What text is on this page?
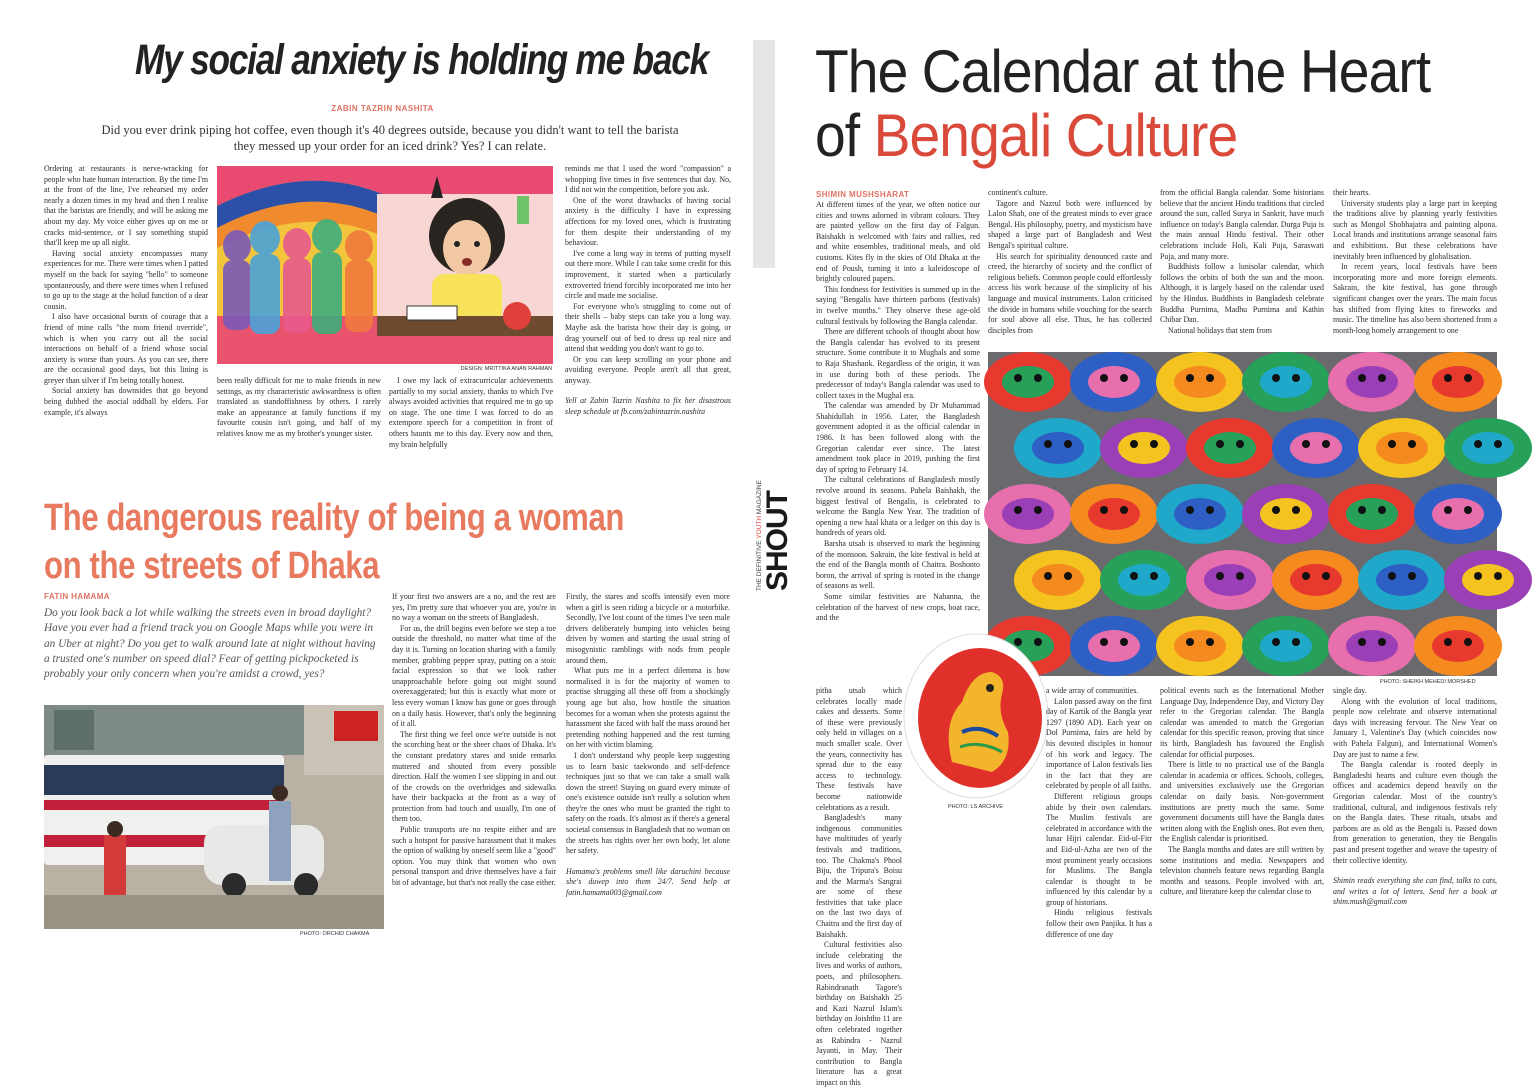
My social anxiety is holding me back
ZABIN TAZRIN NASHITA
Did you ever drink piping hot coffee, even though it's 40 degrees outside, because you didn't want to tell the barista they messed up your order for an iced drink? Yes? I can relate.

Ordering at restaurants is nerve-wracking for people who hate human interaction. By the time I'm at the front of the line, I've rehearsed my order nearly a dozen times in my head and then I realise that the baristas are friendly, and will be asking me about my day. My voice either gives up on me or cracks mid-sentence, or I say something stupid that'll keep me up all night.

Having social anxiety encompasses many experiences for me. There were times when I patted myself on the back for saying "hello" to someone spontaneously, and there were times when I refused to go up to the stage at the holud function of a dear cousin.

I also have occasional bursts of courage that a friend of mine calls "the mom friend override", which is when you carry out all the social interactions on behalf of a friend whose social anxiety is worse than yours. As you can see, there are the occasional good days, but this lining is greyer than silver if I'm being totally honest.

Social anxiety has downsides that go beyond being dubbed the asocial oddball by elders. For example, it's always

DESIGN: MRITTIKA ANAN RAHMAN

been really difficult for me to make friends in new settings, as my characteristic awkwardness is often translated as standoffishness by others. I rarely make an appearance at family functions if my favourite cousin isn't going, and half of my relatives know me as my brother's younger sister.

I owe my lack of extracurricular achievements partially to my social anxiety, thanks to which I've always avoided activities that required me to go up on stage. The one time I was forced to do an extempore speech for a competition in front of others haunts me to this day. Every now and then, my brain helpfully

reminds me that I used the word "compassion" a whopping five times in five sentences that day. No, I did not win the competition, before you ask.

One of the worst drawbacks of having social anxiety is the difficulty I have in expressing affections for my loved ones, which is frustrating for them despite their understanding of my behaviour.

I've come a long way in terms of putting myself out there more. While I can take some credit for this improvement, it started when a particularly extroverted friend forcibly incorporated me into her circle and made me socialise.

For everyone who's struggling to come out of their shells – baby steps can take you a long way. Maybe ask the barista how their day is going, or drag yourself out of bed to dress up real nice and attend that wedding you don't want to go to.

Or you can keep scrolling on your phone and avoiding everyone. People aren't all that great, anyway.

Yell at Zabin Tazrin Nashita to fix her disastrous sleep schedule at fb.com/zabintazrin.nashita

The dangerous reality of being a woman on the streets of Dhaka
FATIN HAMAMA
Do you look back a lot while walking the streets even in broad daylight? Have you ever had a friend track you on Google Maps while you were in an Uber at night? Do you get to walk around late at night without having a trusted one's number on speed dial? Fear of getting pickpocketed is probably your only concern when you're amidst a crowd, yes?
PHOTO: ORCHID CHAKMA

If your first two answers are a no, and the rest are yes, I'm pretty sure that whoever you are, you're in no way a woman on the streets of Bangladesh.

For us, the drill begins even before we step a toe outside the threshold, no matter what time of the day it is. Turning on location sharing with a family member, grabbing pepper spray, putting on a stoic facial expression so that we look rather unapproachable before going out might sound overexaggerated; but this is exactly what more or less every woman I know has gone or goes through on a daily basis. However, that's only the beginning of it all.

The first thing we feel once we're outside is not the scorching heat or the sheer chaos of Dhaka. It's the constant predatory stares and snide remarks muttered and shouted from every possible direction. Half the women I see slipping in and out of the crowds on the overbridges and sidewalks have their backpacks at the front as a way of protection from bad touch and usually, I'm one of them too.

Public transports are no respite either and are such a hotspot for passive harassment that it makes the option of walking by oneself seem like a "good" option. You may think that women who own personal transport and drive themselves have a fair bit of advantage, but that's not really the case either.

Firstly, the stares and scoffs intensify even more when a girl is seen riding a bicycle or a motorbike. Secondly, I've lost count of the times I've seen male drivers deliberately bumping into vehicles being driven by women and starting the usual string of misogynistic ramblings with nods from people around them.

What puts me in a perfect dilemma is how normalised it is for the majority of women to practise shrugging all these off from a shockingly young age but also, how hostile the situation becomes for a woman when she protests against the harassment she faced with half the mass around her pretending nothing happened and the rest turning on her with victim blaming.

I don't understand why people keep suggesting us to learn basic taekwondo and self-defence techniques just so that we can take a small walk down the street! Staying on guard every minute of one's existence outside isn't really a solution when they're the ones who must be granted the right to safety on the roads. It's almost as if there's a general societal consensus in Bangladesh that no woman on the streets has rights over her own body, let alone her safety.

Hamama's problems smell like daruchini because she's duwep into them 24/7. Send help at fatin.hamama003@gmail.com

THE DEFINITIVE YOUTH MAGAZINE
SHOUT
The Calendar at the Heart
of Bengali Culture
SHIMIN MUSHSHARAT

At different times of the year, we often notice our cities and towns adorned in vibrant colours. They are painted yellow on the first day of Falgun. Baishakh is welcomed with fairs and rallies, red and white ensembles, traditional meals, and old customs. Kites fly in the skies of Old Dhaka at the end of Poush, turning it into a kaleidoscope of brightly coloured papers.

This fondness for festivities is summed up in the saying "Bengalis have thirteen parbons (festivals) in twelve months." They observe these age-old cultural festivals by following the Bangla calendar.

There are different schools of thought about how the Bangla calendar has evolved to its present structure. Some contribute it to Mughals and some to Raja Shashank. Regardless of the origin, it was in use during both of these periods. The predecessor of today's Bangla calendar was used to collect taxes in the Mughal era.

The calendar was amended by Dr Muhammad Shahidullah in 1956. Later, the Bangladesh government adopted it as the official calendar in 1986. It has been followed along with the Gregorian calendar ever since. The latest amendment took place in 2019, pushing the first day of spring to February 14.

The cultural celebrations of Bangladesh mostly revolve around its seasons. Pahela Baishakh, the biggest festival of Bengalis, is celebrated to welcome the Bangla New Year. The tradition of opening a new haal khata or a ledger on this day is hundreds of years old.

Barsha utsab is observed to mark the beginning of the monsoon. Sakrain, the kite festival is held at the end of the Bangla month of Chaitra. Boshonto boron, the arrival of spring is rooted in the change of seasons as well.

Some similar festivities are Nabanna, the celebration of the harvest of new crops, boat race, and the

pitha utsab which celebrates locally made cakes and desserts. Some of these were previously only held in villages on a much smaller scale. Over the years, connectivity has spread due to the easy access to technology. These festivals have become nationwide celebrations as a result.

Bangladesh's many indigenous communities have multitudes of yearly festivals and traditions, too. The Chakma's Phool Biju, the Tripura's Boisu and the Marma's Sangrai are some of these festivities that take place on the last two days of Chaitra and the first day of Baishakh.

Cultural festivities also include celebrating the lives and works of authors, poets, and philosophers. Rabindranath Tagore's birthday on Baishakh 25 and Kazi Nazrul Islam's birthday on Joishtho 11 are often celebrated together as Rabindra - Nazrul Jayanti, in May. Their contribution to Bangla literature has a great impact on this

continent's culture.

Tagore and Nazrul both were influenced by Lalon Shah, one of the greatest minds to ever grace Bengal. His philosophy, poetry, and mysticism have shaped a large part of Bangladesh and West Bengal's spiritual culture.

His search for spirituality denounced caste and creed, the hierarchy of society and the conflict of religious beliefs. Common people could effortlessly access his work because of the simplicity of his language and musical instruments. Lalon criticised the divide in humans while vouching for the search for soul above all else. Thus, he has collected disciples from

from the official Bangla calendar. Some historians believe that the ancient Hindu traditions that circled around the sun, called Surya in Sankrit, have much influence on today's Bangla calendar. Durga Puja is the main annual Hindu festival. Their other celebrations include Holi, Kali Puja, Saraswati Puja, and many more.

Buddhists follow a lunisolar calendar, which follows the orbits of both the sun and the moon. Although, it is largely based on the calendar used by the Hindus. Buddhists in Bangladesh celebrate Buddha Purnima, Madhu Purnima and Kathin Chibar Dan.

National holidays that stem from

their hearts.

University students play a large part in keeping the traditions alive by planning yearly festivities such as Mongol Shobhajatra and painting alpona. Local brands and institutions arrange seasonal fairs and exhibitions. But these celebrations have inevitably been influenced by globalisation.

In recent years, local festivals have been incorporating more and more foreign elements. Sakrain, the kite festival, has gone through significant changes over the years. The main focus has shifted from flying kites to fireworks and music. The timeline has also been shortened from a month-long homely arrangement to one

PHOTO: SHEIKH MEHEDI MORSHED
PHOTO: LS ARCHIVE

a wide array of communities.

Lalon passed away on the first day of Kartik of the Bangla year 1297 (1890 AD). Each year on Dol Purnima, fairs are held by his devoted disciples in honour of his work and legacy. The importance of Lalon festivals lies in the fact that they are celebrated by people of all faiths.

Different religious groups abide by their own calendars. The Muslim festivals are celebrated in accordance with the lunar Hijri calendar. Eid-ul-Fitr and Eid-ul-Azha are two of the most prominent yearly occasions for Muslims. The Bangla calendar is thought to be influenced by this calendar by a group of historians.

Hindu religious festivals follow their own Panjika. It has a difference of one day

political events such as the International Mother Language Day, Independence Day, and Victory Day refer to the Gregorian calendar. The Bangla calendar was amended to match the Gregorian calendar for this specific reason, proving that since its birth, Bangladesh has favoured the English calendar for official purposes.

There is little to no practical use of the Bangla calendar in academia or offices. Schools, colleges, and universities exclusively use the Gregorian calendar on daily basis. Non-government institutions are pretty much the same. Some government documents still have the Bangla dates written along with the English ones. But even then, the English calendar is prioritised.

The Bangla months and dates are still written by some institutions and media. Newspapers and television channels feature news regarding Bangla months and seasons. People involved with art, culture, and literature keep the calendar close to

single day.

Along with the evolution of local traditions, people now celebrate and observe international days with increasing fervour. The New Year on January 1, Valentine's Day (which coincides now with Pahela Falgun), and International Women's Day are just to name a few.

The Bangla calendar is rooted deeply in Bangladeshi hearts and culture even though the offices and academics depend heavily on the Gregorian calendar. Most of the country's traditional, cultural, and indigenous festivals rely on the Bangla dates. These rituals, utsabs and parbons are as old as the Bengali is. Passed down from generation to generation, they tie Bengalis past and present together and weave the tapestry of their collective identity.

Shimin reads everything she can find, talks to cats, and writes a lot of letters. Send her a book at shim.mush@gmail.com
